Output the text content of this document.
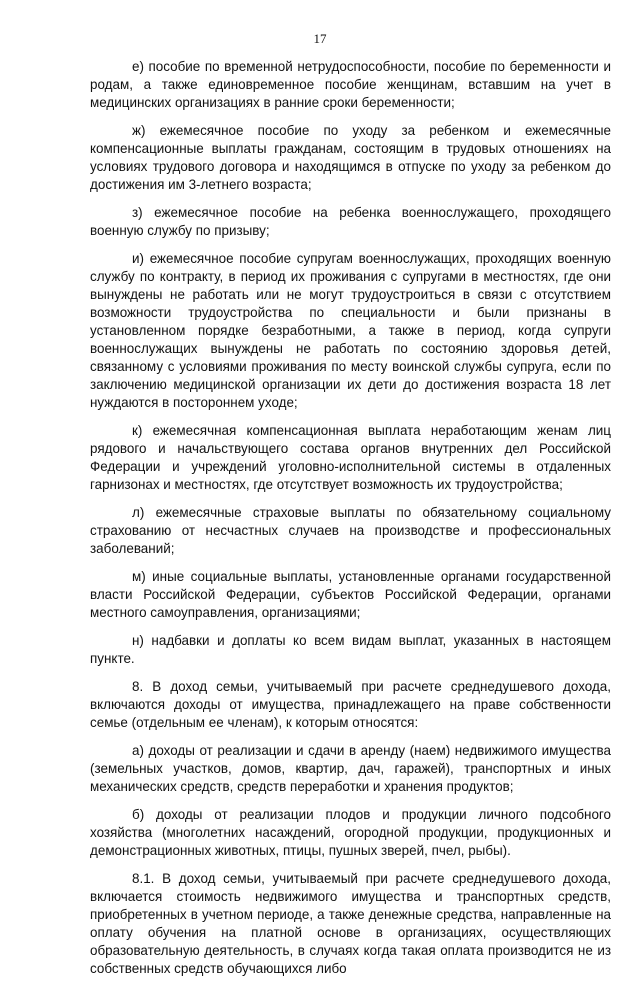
17

е) пособие по временной нетрудоспособности, пособие по беременности и родам, а также единовременное пособие женщинам, вставшим на учет в медицинских организациях в ранние сроки беременности;

ж) ежемесячное пособие по уходу за ребенком и ежемесячные компенсационные выплаты гражданам, состоящим в трудовых отношениях на условиях трудового договора и находящимся в отпуске по уходу за ребенком до достижения им 3-летнего возраста;

з) ежемесячное пособие на ребенка военнослужащего, проходящего военную службу по призыву;

и) ежемесячное пособие супругам военнослужащих, проходящих военную службу по контракту, в период их проживания с супругами в местностях, где они вынуждены не работать или не могут трудоустроиться в связи с отсутствием возможности трудоустройства по специальности и были признаны в установленном порядке безработными, а также в период, когда супруги военнослужащих вынуждены не работать по состоянию здоровья детей, связанному с условиями проживания по месту воинской службы супруга, если по заключению медицинской организации их дети до достижения возраста 18 лет нуждаются в постороннем уходе;

к) ежемесячная компенсационная выплата неработающим женам лиц рядового и начальствующего состава органов внутренних дел Российской Федерации и учреждений уголовно-исполнительной системы в отдаленных гарнизонах и местностях, где отсутствует возможность их трудоустройства;

л) ежемесячные страховые выплаты по обязательному социальному страхованию от несчастных случаев на производстве и профессиональных заболеваний;

м) иные социальные выплаты, установленные органами государственной власти Российской Федерации, субъектов Российской Федерации, органами местного самоуправления, организациями;

н) надбавки и доплаты ко всем видам выплат, указанных в настоящем пункте.

8. В доход семьи, учитываемый при расчете среднедушевого дохода, включаются доходы от имущества, принадлежащего на праве собственности семье (отдельным ее членам), к которым относятся:

а) доходы от реализации и сдачи в аренду (наем) недвижимого имущества (земельных участков, домов, квартир, дач, гаражей), транспортных и иных механических средств, средств переработки и хранения продуктов;

б) доходы от реализации плодов и продукции личного подсобного хозяйства (многолетних насаждений, огородной продукции, продукционных и демонстрационных животных, птицы, пушных зверей, пчел, рыбы).

8.1. В доход семьи, учитываемый при расчете среднедушевого дохода, включается стоимость недвижимого имущества и транспортных средств, приобретенных в учетном периоде, а также денежные средства, направленные на оплату обучения на платной основе в организациях, осуществляющих образовательную деятельность, в случаях когда такая оплата производится не из собственных средств обучающихся либо
